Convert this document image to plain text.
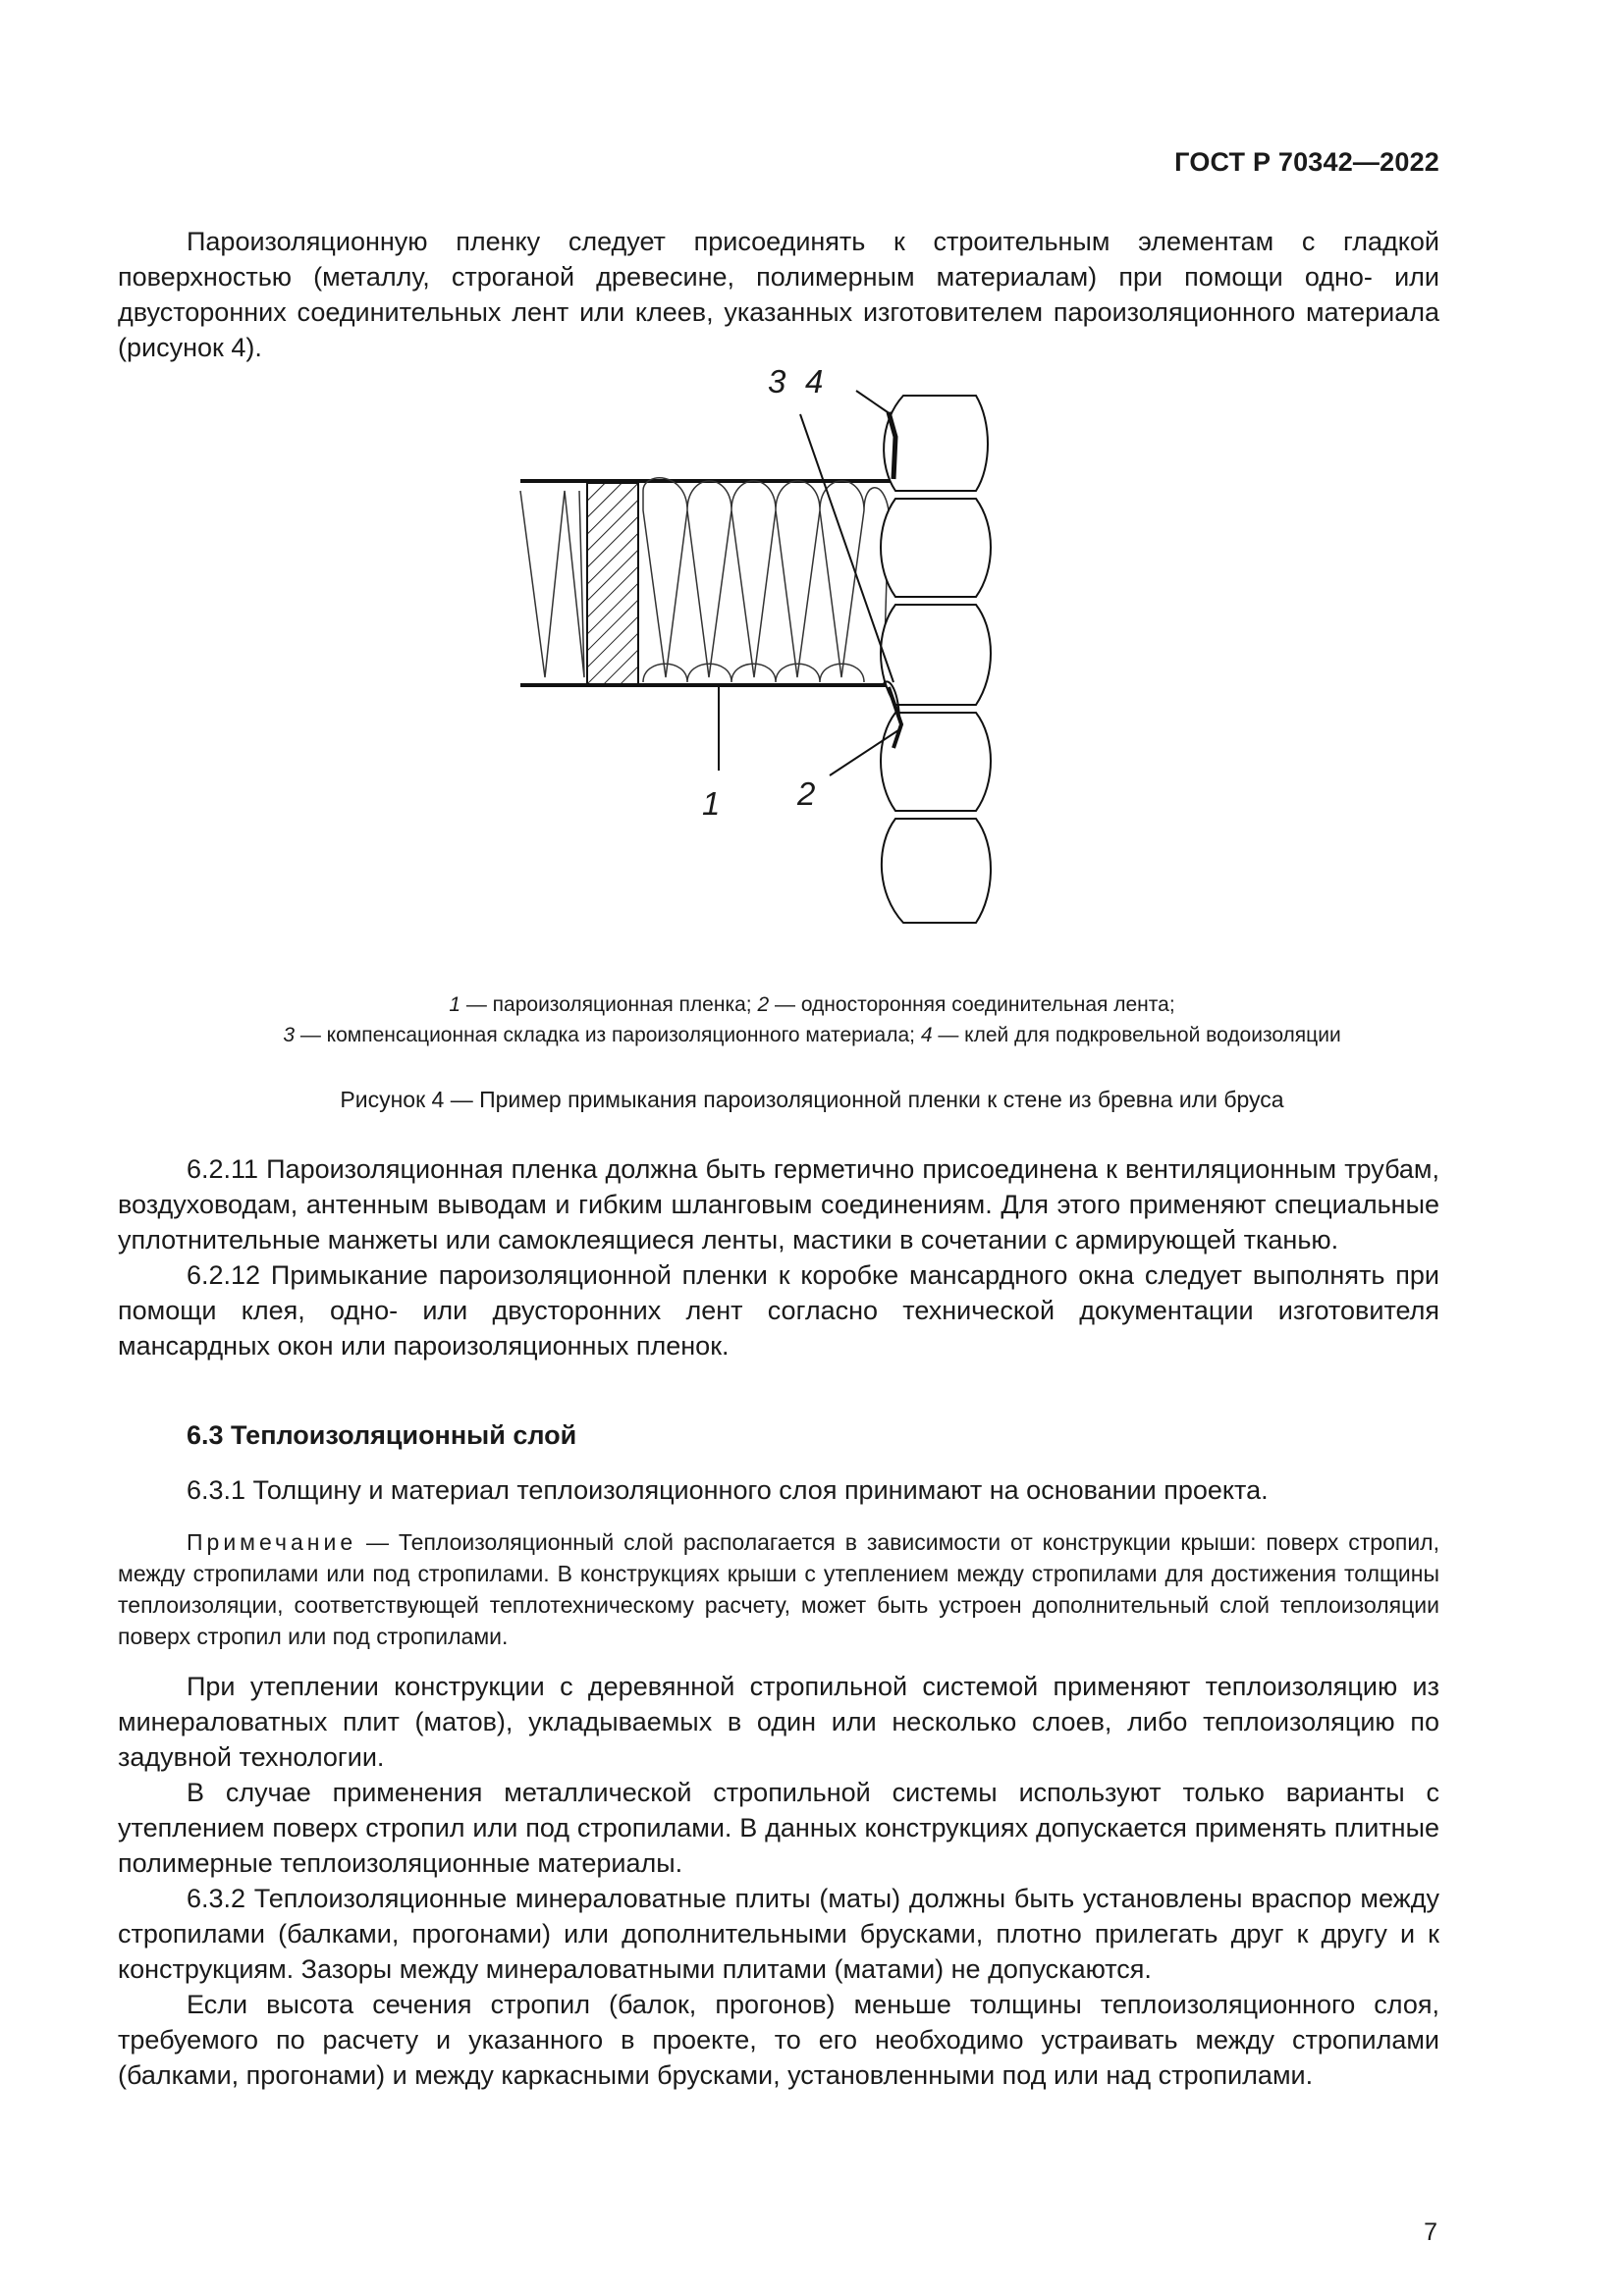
ГОСТ Р 70342—2022

Пароизоляционную пленку следует присоединять к строительным элементам с гладкой поверхностью (металлу, строганой древесине, полимерным материалам) при помощи одно- или двусторонних соединительных лент или клеев, указанных изготовителем пароизоляционного материала (рисунок 4).

3 4
1 2
1 — пароизоляционная пленка; 2 — односторонняя соединительная лента;
3 — компенсационная складка из пароизоляционного материала; 4 — клей для подкровельной водоизоляции
Рисунок 4 — Пример примыкания пароизоляционной пленки к стене из бревна или бруса

6.2.11 Пароизоляционная пленка должна быть герметично присоединена к вентиляционным трубам, воздуховодам, антенным выводам и гибким шланговым соединениям. Для этого применяют специальные уплотнительные манжеты или самоклеящиеся ленты, мастики в сочетании с армирующей тканью.

6.2.12 Примыкание пароизоляционной пленки к коробке мансардного окна следует выполнять при помощи клея, одно- или двусторонних лент согласно технической документации изготовителя мансардных окон или пароизоляционных пленок.

6.3 Теплоизоляционный слой

6.3.1 Толщину и материал теплоизоляционного слоя принимают на основании проекта.

Примечание — Теплоизоляционный слой располагается в зависимости от конструкции крыши: поверх стропил, между стропилами или под стропилами. В конструкциях крыши с утеплением между стропилами для достижения толщины теплоизоляции, соответствующей теплотехническому расчету, может быть устроен дополнительный слой теплоизоляции поверх стропил или под стропилами.

При утеплении конструкции с деревянной стропильной системой применяют теплоизоляцию из минераловатных плит (матов), укладываемых в один или несколько слоев, либо теплоизоляцию по задувной технологии.

В случае применения металлической стропильной системы используют только варианты с утеплением поверх стропил или под стропилами. В данных конструкциях допускается применять плитные полимерные теплоизоляционные материалы.

6.3.2 Теплоизоляционные минераловатные плиты (маты) должны быть установлены враспор между стропилами (балками, прогонами) или дополнительными брусками, плотно прилегать друг к другу и к конструкциям. Зазоры между минераловатными плитами (матами) не допускаются.

Если высота сечения стропил (балок, прогонов) меньше толщины теплоизоляционного слоя, требуемого по расчету и указанного в проекте, то его необходимо устраивать между стропилами (балками, прогонами) и между каркасными брусками, установленными под или над стропилами.

7
